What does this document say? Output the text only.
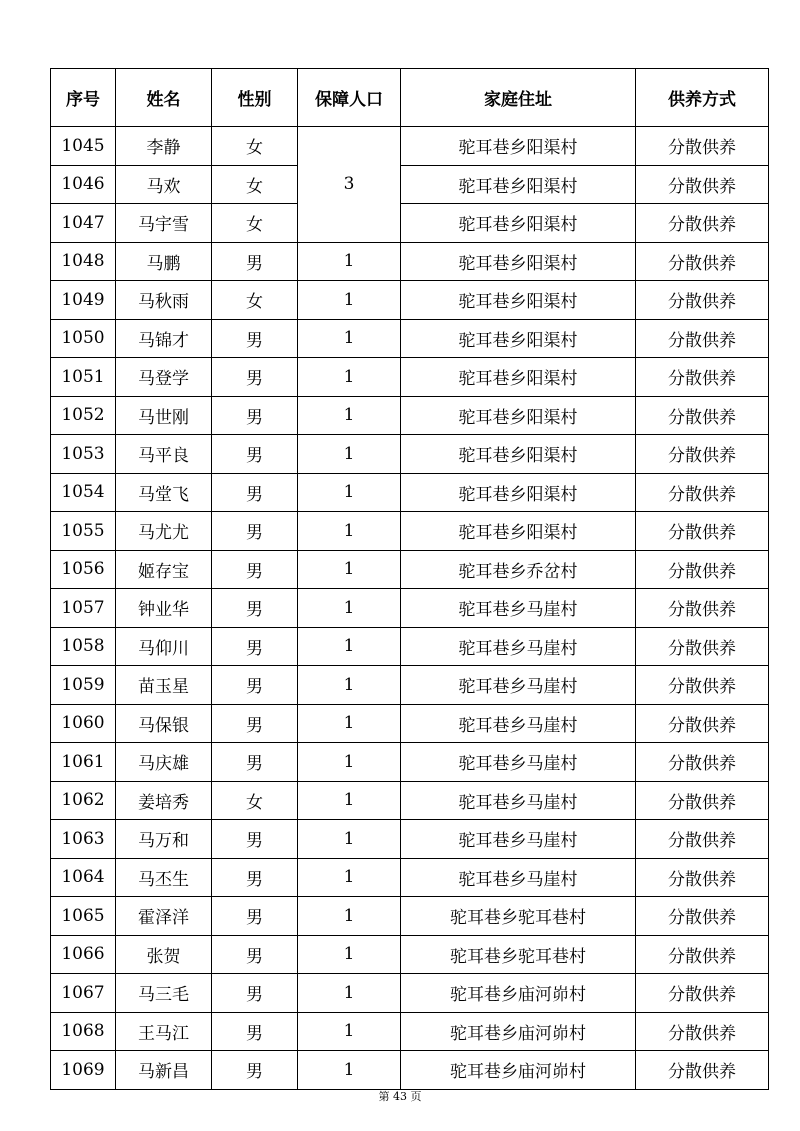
序号	姓名	性别	保障人口	家庭住址	供养方式
1045	李静	女	3	驼耳巷乡阳渠村	分散供养
1046	马欢	女		驼耳巷乡阳渠村	分散供养
1047	马宇雪	女		驼耳巷乡阳渠村	分散供养
1048	马鹏	男	1	驼耳巷乡阳渠村	分散供养
1049	马秋雨	女	1	驼耳巷乡阳渠村	分散供养
1050	马锦才	男	1	驼耳巷乡阳渠村	分散供养
1051	马登学	男	1	驼耳巷乡阳渠村	分散供养
1052	马世刚	男	1	驼耳巷乡阳渠村	分散供养
1053	马平良	男	1	驼耳巷乡阳渠村	分散供养
1054	马堂飞	男	1	驼耳巷乡阳渠村	分散供养
1055	马尤尤	男	1	驼耳巷乡阳渠村	分散供养
1056	姬存宝	男	1	驼耳巷乡乔岔村	分散供养
1057	钟业华	男	1	驼耳巷乡马崖村	分散供养
1058	马仰川	男	1	驼耳巷乡马崖村	分散供养
1059	苗玉星	男	1	驼耳巷乡马崖村	分散供养
1060	马保银	男	1	驼耳巷乡马崖村	分散供养
1061	马庆雄	男	1	驼耳巷乡马崖村	分散供养
1062	姜培秀	女	1	驼耳巷乡马崖村	分散供养
1063	马万和	男	1	驼耳巷乡马崖村	分散供养
1064	马丕生	男	1	驼耳巷乡马崖村	分散供养
1065	霍泽洋	男	1	驼耳巷乡驼耳巷村	分散供养
1066	张贺	男	1	驼耳巷乡驼耳巷村	分散供养
1067	马三毛	男	1	驼耳巷乡庙河峁村	分散供养
1068	王马江	男	1	驼耳巷乡庙河峁村	分散供养
1069	马新昌	男	1	驼耳巷乡庙河峁村	分散供养
第 43 页
